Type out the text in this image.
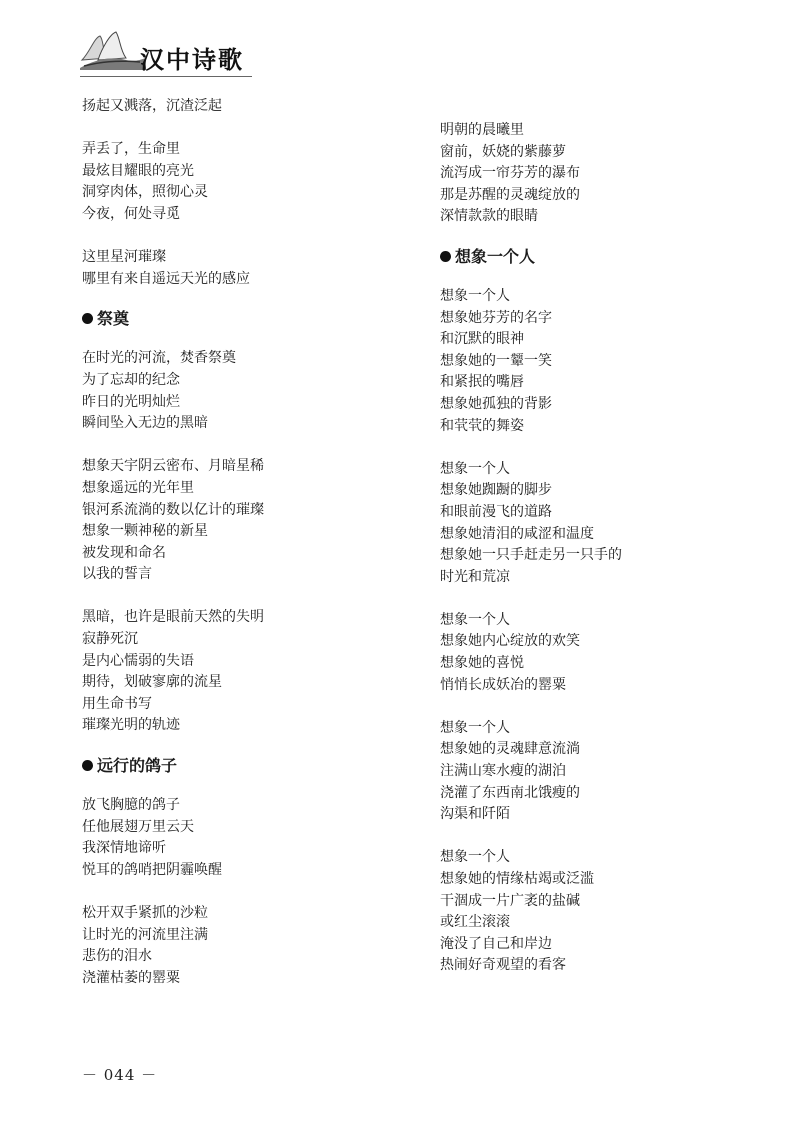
汉中诗歌
扬起又溅落，沉渣泛起
弄丢了，生命里
最炫目耀眼的亮光
洞穿肉体，照彻心灵
今夜，何处寻觅
这里星河璀璨
哪里有来自遥远天光的感应
祭奠
在时光的河流，焚香祭奠
为了忘却的纪念
昨日的光明灿烂
瞬间坠入无边的黑暗
想象天宇阴云密布、月暗星稀
想象遥远的光年里
银河系流淌的数以亿计的璀璨
想象一颗神秘的新星
被发现和命名
以我的誓言
黑暗，也许是眼前天然的失明
寂静死沉
是内心懦弱的失语
期待，划破寥廓的流星
用生命书写
璀璨光明的轨迹
远行的鸽子
放飞胸臆的鸽子
任他展翅万里云天
我深情地谛听
悦耳的鸽哨把阴霾唤醒
松开双手紧抓的沙粒
让时光的河流里注满
悲伤的泪水
浇灌枯萎的罂粟
明朝的晨曦里
窗前，妖娆的紫藤萝
流泻成一帘芬芳的瀑布
那是苏醒的灵魂绽放的
深情款款的眼睛
想象一个人
想象一个人
想象她芬芳的名字
和沉默的眼神
想象她的一颦一笑
和紧抿的嘴唇
想象她孤独的背影
和茕茕的舞姿
想象一个人
想象她踟蹰的脚步
和眼前漫飞的道路
想象她清泪的咸涩和温度
想象她一只手赶走另一只手的
时光和荒凉
想象一个人
想象她内心绽放的欢笑
想象她的喜悦
悄悄长成妖冶的罂粟
想象一个人
想象她的灵魂肆意流淌
注满山寒水瘦的湖泊
浇灌了东西南北饿瘦的
沟渠和阡陌
想象一个人
想象她的情缘枯竭或泛滥
干涸成一片广袤的盐碱
或红尘滚滚
淹没了自己和岸边
热闹好奇观望的看客
－ 044 －
